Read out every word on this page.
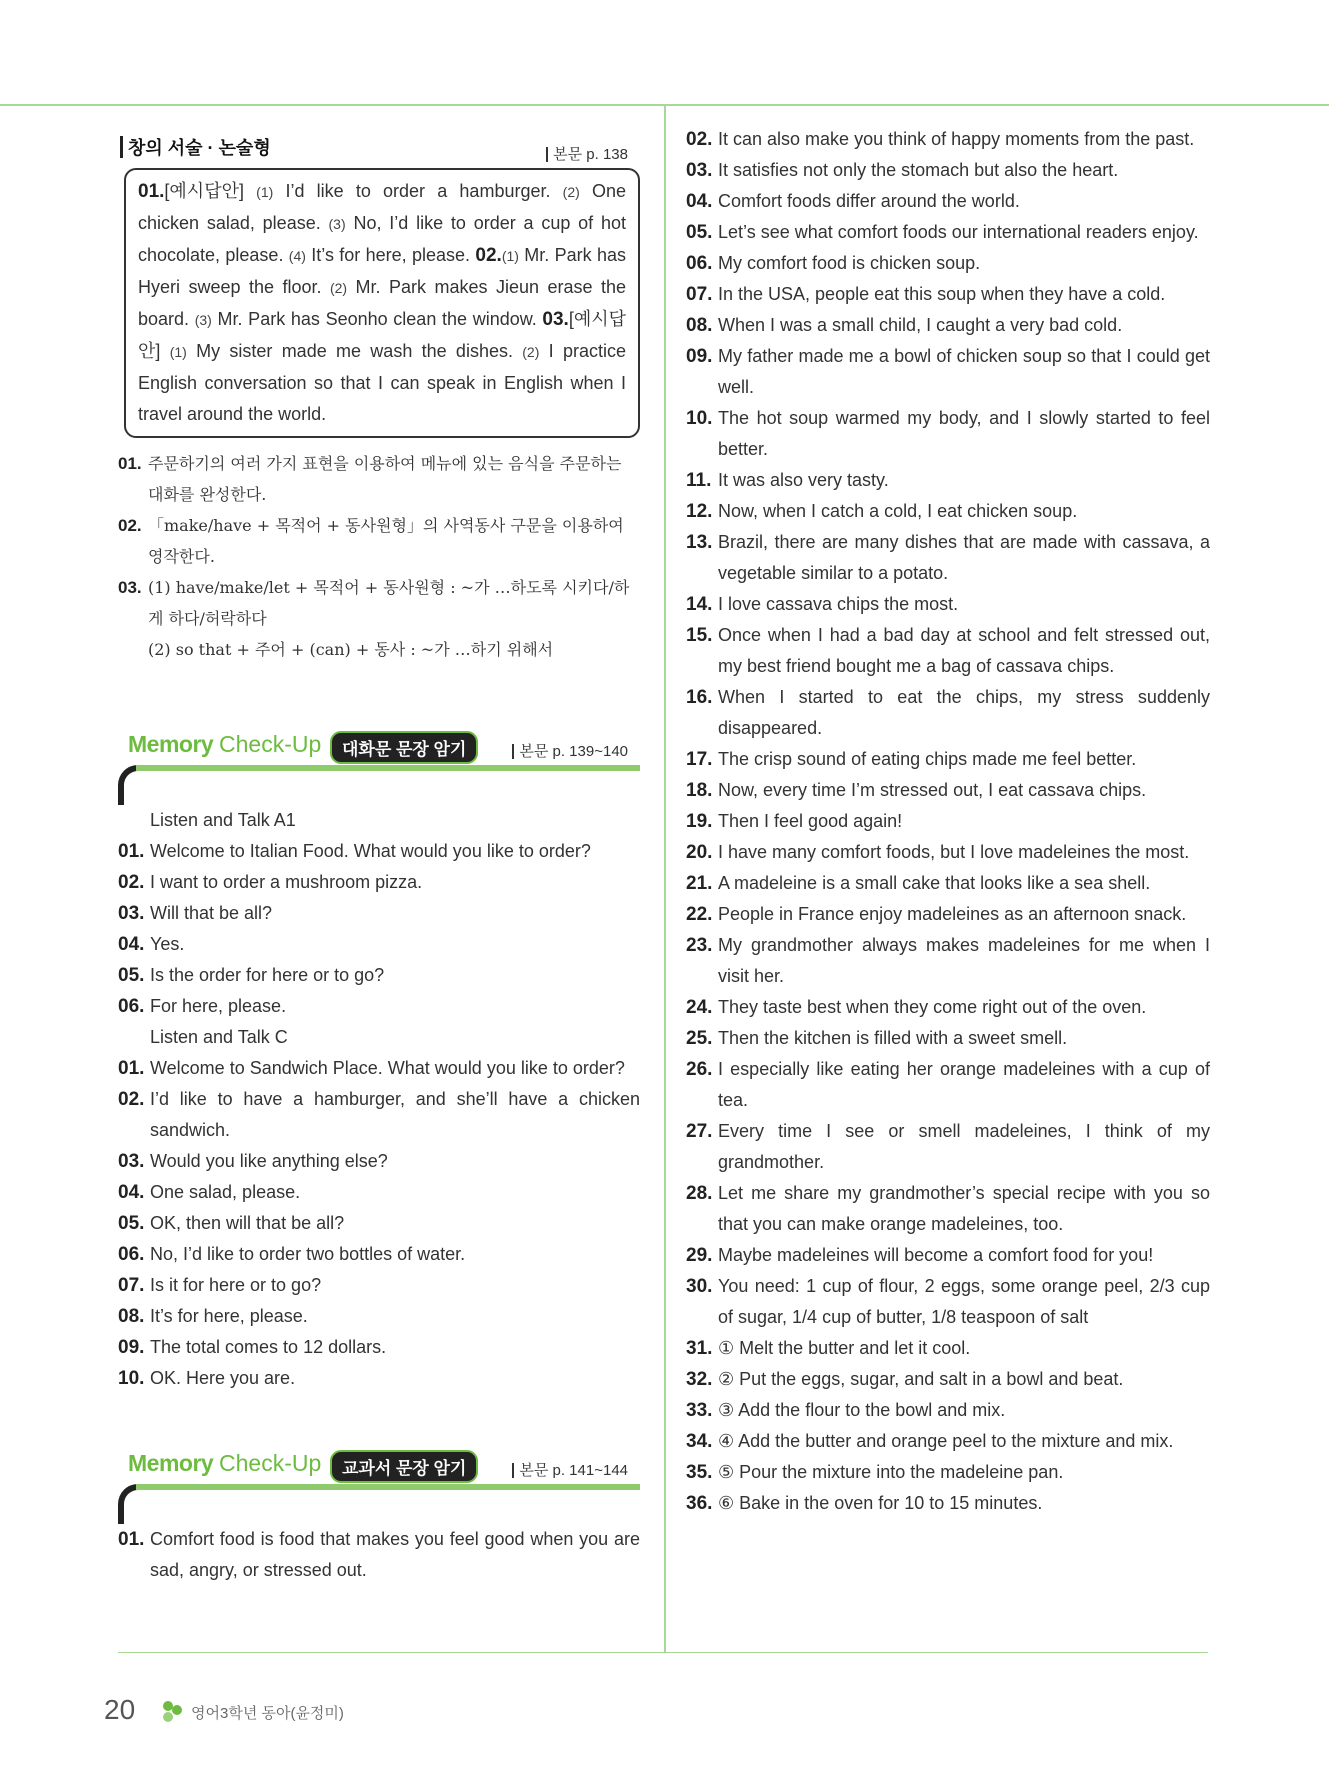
창의 서술 · 논술형	본문 p. 138
01.[예시답안] (1) I’d like to order a hamburger. (2) One chicken salad, please. (3) No, I’d like to order a cup of hot chocolate, please. (4) It’s for here, please. 02.(1) Mr. Park has Hyeri sweep the floor. (2) Mr. Park makes Jieun erase the board. (3) Mr. Park has Seonho clean the window. 03.[예시답안] (1) My sister made me wash the dishes. (2) I practice English conversation so that I can speak in English when I travel around the world.
01. 주문하기의 여러 가지 표현을 이용하여 메뉴에 있는 음식을 주문하는 대화를 완성한다.
02. 「make/have + 목적어 + 동사원형」의 사역동사 구문을 이용하여 영작한다.
03. (1) have/make/let + 목적어 + 동사원형 : ~가 …하도록 시키다/하게 하다/허락하다
(2) so that + 주어 + (can) + 동사 : ~가 …하기 위해서
Memory Check-Up	대화문 문장 암기	본문 p. 139~140
Listen and Talk A1
01. Welcome to Italian Food. What would you like to order?
02. I want to order a mushroom pizza.
03. Will that be all?
04. Yes.
05. Is the order for here or to go?
06. For here, please.
Listen and Talk C
01. Welcome to Sandwich Place. What would you like to order?
02. I’d like to have a hamburger, and she’ll have a chicken sandwich.
03. Would you like anything else?
04. One salad, please.
05. OK, then will that be all?
06. No, I’d like to order two bottles of water.
07. Is it for here or to go?
08. It’s for here, please.
09. The total comes to 12 dollars.
10. OK. Here you are.
Memory Check-Up	교과서 문장 암기	본문 p. 141~144
01. Comfort food is food that makes you feel good when you are sad, angry, or stressed out.
02. It can also make you think of happy moments from the past.
03. It satisfies not only the stomach but also the heart.
04. Comfort foods differ around the world.
05. Let’s see what comfort foods our international readers enjoy.
06. My comfort food is chicken soup.
07. In the USA, people eat this soup when they have a cold.
08. When I was a small child, I caught a very bad cold.
09. My father made me a bowl of chicken soup so that I could get well.
10. The hot soup warmed my body, and I slowly started to feel better.
11. It was also very tasty.
12. Now, when I catch a cold, I eat chicken soup.
13. Brazil, there are many dishes that are made with cassava, a vegetable similar to a potato.
14. I love cassava chips the most.
15. Once when I had a bad day at school and felt stressed out, my best friend bought me a bag of cassava chips.
16. When I started to eat the chips, my stress suddenly disappeared.
17. The crisp sound of eating chips made me feel better.
18. Now, every time I’m stressed out, I eat cassava chips.
19. Then I feel good again!
20. I have many comfort foods, but I love madeleines the most.
21. A madeleine is a small cake that looks like a sea shell.
22. People in France enjoy madeleines as an afternoon snack.
23. My grandmother always makes madeleines for me when I visit her.
24. They taste best when they come right out of the oven.
25. Then the kitchen is filled with a sweet smell.
26. I especially like eating her orange madeleines with a cup of tea.
27. Every time I see or smell madeleines, I think of my grandmother.
28. Let me share my grandmother’s special recipe with you so that you can make orange madeleines, too.
29. Maybe madeleines will become a comfort food for you!
30. You need: 1 cup of flour, 2 eggs, some orange peel, 2/3 cup of sugar, 1/4 cup of butter, 1/8 teaspoon of salt
31. ① Melt the butter and let it cool.
32. ② Put the eggs, sugar, and salt in a bowl and beat.
33. ③ Add the flour to the bowl and mix.
34. ④ Add the butter and orange peel to the mixture and mix.
35. ⑤ Pour the mixture into the madeleine pan.
36. ⑥ Bake in the oven for 10 to 15 minutes.
20	영어3학년 동아(윤정미)
